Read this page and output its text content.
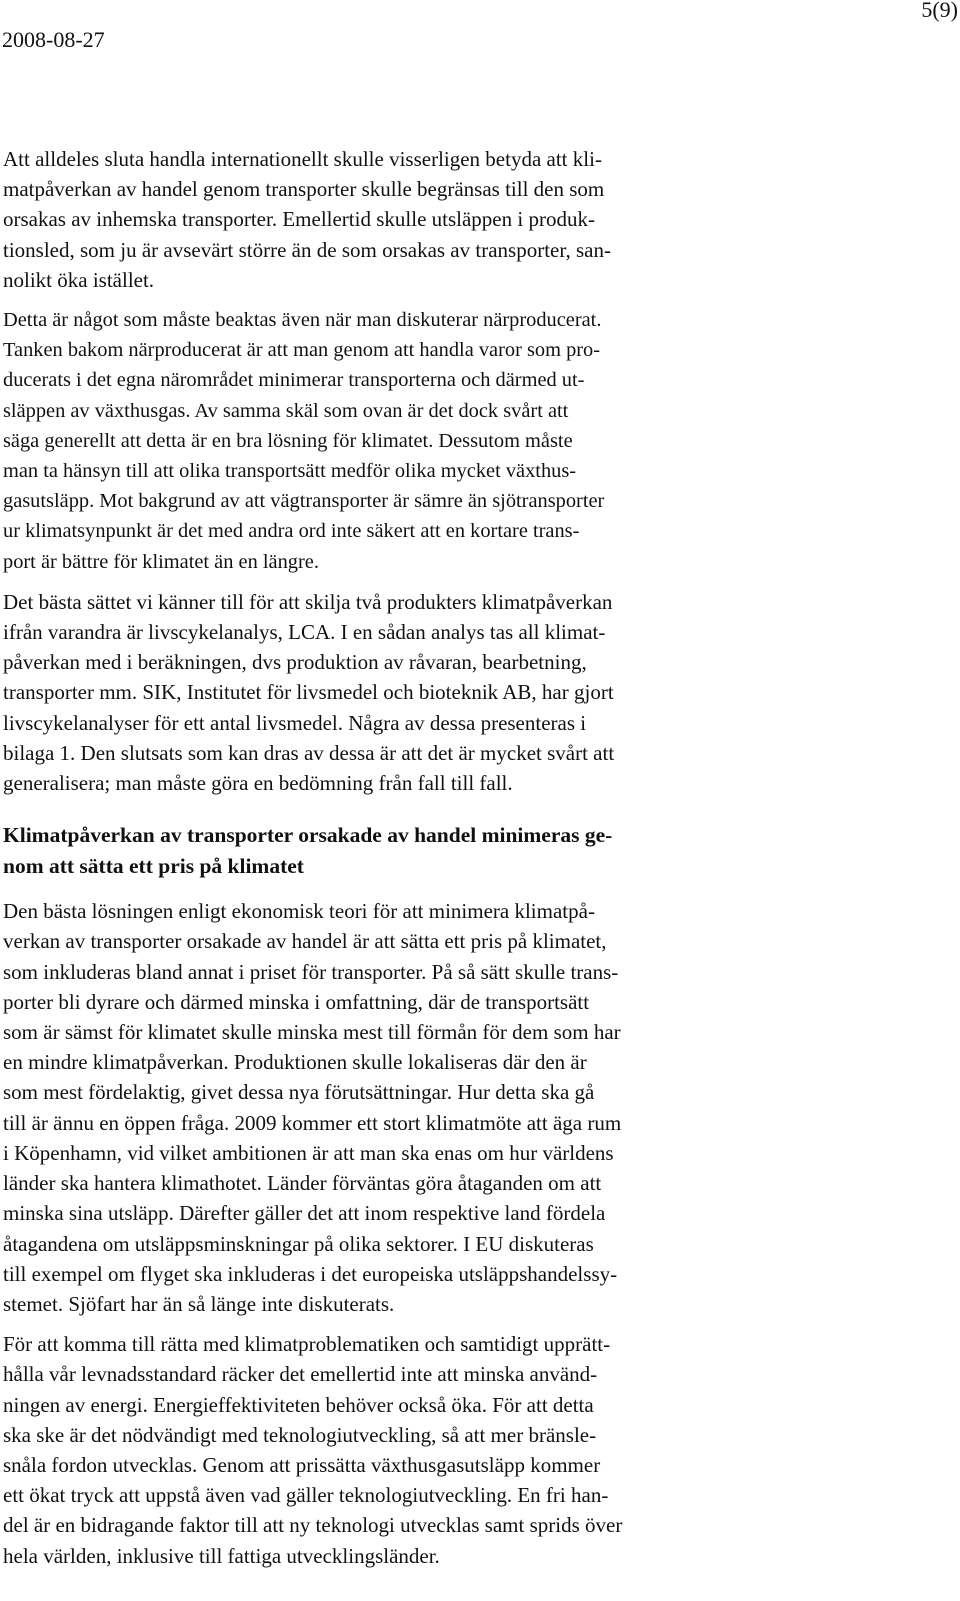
2008-08-27
5(9)

Att alldeles sluta handla internationellt skulle visserligen betyda att kli-
matpåverkan av handel genom transporter skulle begränsas till den som
orsakas av inhemska transporter. Emellertid skulle utsläppen i produk-
tionsled, som ju är avsevärt större än de som orsakas av transporter, san-
nolikt öka istället.

Detta är något som måste beaktas även när man diskuterar närproducerat.
Tanken bakom närproducerat är att man genom att handla varor som pro-
ducerats i det egna närområdet minimerar transporterna och därmed ut-
släppen av växthusgas. Av samma skäl som ovan är det dock svårt att
säga generellt att detta är en bra lösning för klimatet. Dessutom måste
man ta hänsyn till att olika transportsätt medför olika mycket växthus-
gasutsläpp. Mot bakgrund av att vägtransporter är sämre än sjötransporter
ur klimatsynpunkt är det med andra ord inte säkert att en kortare trans-
port är bättre för klimatet än en längre.

Det bästa sättet vi känner till för att skilja två produkters klimatpåverkan
ifrån varandra är livscykelanalys, LCA. I en sådan analys tas all klimat-
påverkan med i beräkningen, dvs produktion av råvaran, bearbetning,
transporter mm. SIK, Institutet för livsmedel och bioteknik AB, har gjort
livscykelanalyser för ett antal livsmedel. Några av dessa presenteras i
bilaga 1. Den slutsats som kan dras av dessa är att det är mycket svårt att
generalisera; man måste göra en bedömning från fall till fall.

Klimatpåverkan av transporter orsakade av handel minimeras ge-
nom att sätta ett pris på klimatet

Den bästa lösningen enligt ekonomisk teori för att minimera klimatpå-
verkan av transporter orsakade av handel är att sätta ett pris på klimatet,
som inkluderas bland annat i priset för transporter. På så sätt skulle trans-
porter bli dyrare och därmed minska i omfattning, där de transportsätt
som är sämst för klimatet skulle minska mest till förmån för dem som har
en mindre klimatpåverkan. Produktionen skulle lokaliseras där den är
som mest fördelaktig, givet dessa nya förutsättningar. Hur detta ska gå
till är ännu en öppen fråga. 2009 kommer ett stort klimatmöte att äga rum
i Köpenhamn, vid vilket ambitionen är att man ska enas om hur världens
länder ska hantera klimathotet. Länder förväntas göra åtaganden om att
minska sina utsläpp. Därefter gäller det att inom respektive land fördela
åtagandena om utsläppsminskningar på olika sektorer. I EU diskuteras
till exempel om flyget ska inkluderas i det europeiska utsläppshandelssy-
stemet. Sjöfart har än så länge inte diskuterats.

För att komma till rätta med klimatproblematiken och samtidigt upprätt-
hålla vår levnadsstandard räcker det emellertid inte att minska använd-
ningen av energi. Energieffektiviteten behöver också öka. För att detta
ska ske är det nödvändigt med teknologiutveckling, så att mer bränsle-
snåla fordon utvecklas. Genom att prissätta växthusgasutsläpp kommer
ett ökat tryck att uppstå även vad gäller teknologiutveckling. En fri han-
del är en bidragande faktor till att ny teknologi utvecklas samt sprids över
hela världen, inklusive till fattiga utvecklingsländer.
